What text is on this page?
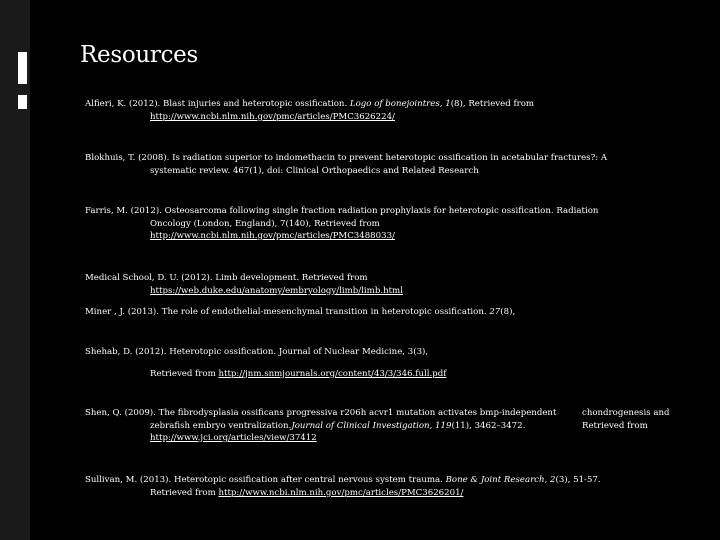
Resources
Alfieri, K. (2012). Blast injuries and heterotopic ossification. Logo of bonejointres, 1(8), Retrieved from
http://www.ncbi.nlm.nih.gov/pmc/articles/PMC3626224/
Blokhuis, T. (2008). Is radiation superior to indomethacin to prevent heterotopic ossification in acetabular fractures?: A
systematic review. 467(1), doi: Clinical Orthopaedics and Related Research
Farris, M. (2012). Osteosarcoma following single fraction radiation prophylaxis for heterotopic ossification. Radiation
Oncology (London, England), 7(140), Retrieved from
http://www.ncbi.nlm.nih.gov/pmc/articles/PMC3488033/
Medical School, D. U. (2012). Limb development. Retrieved from
https://web.duke.edu/anatomy/embryology/limb/limb.html
Miner , J. (2013). The role of endothelial-mesenchymal transition in heterotopic ossification. 27(8),
Shehab, D. (2012). Heterotopic ossification. Journal of Nuclear Medicine, 3(3),
Retrieved from http://jnm.snmjournals.org/content/43/3/346.full.pdf
Shen, Q. (2009). The fibrodysplasia ossificans progressiva r206h acvr1 mutation activates bmp-independent
zebrafish embryo ventralization.Journal of Clinical Investigation, 119(11), 3462–3472.
http://www.jci.org/articles/view/37412
chondrogenesis and
Retrieved from
Sullivan, M. (2013). Heterotopic ossification after central nervous system trauma. Bone & Joint Research, 2(3), 51-57.
Retrieved from http://www.ncbi.nlm.nih.gov/pmc/articles/PMC3626201/
